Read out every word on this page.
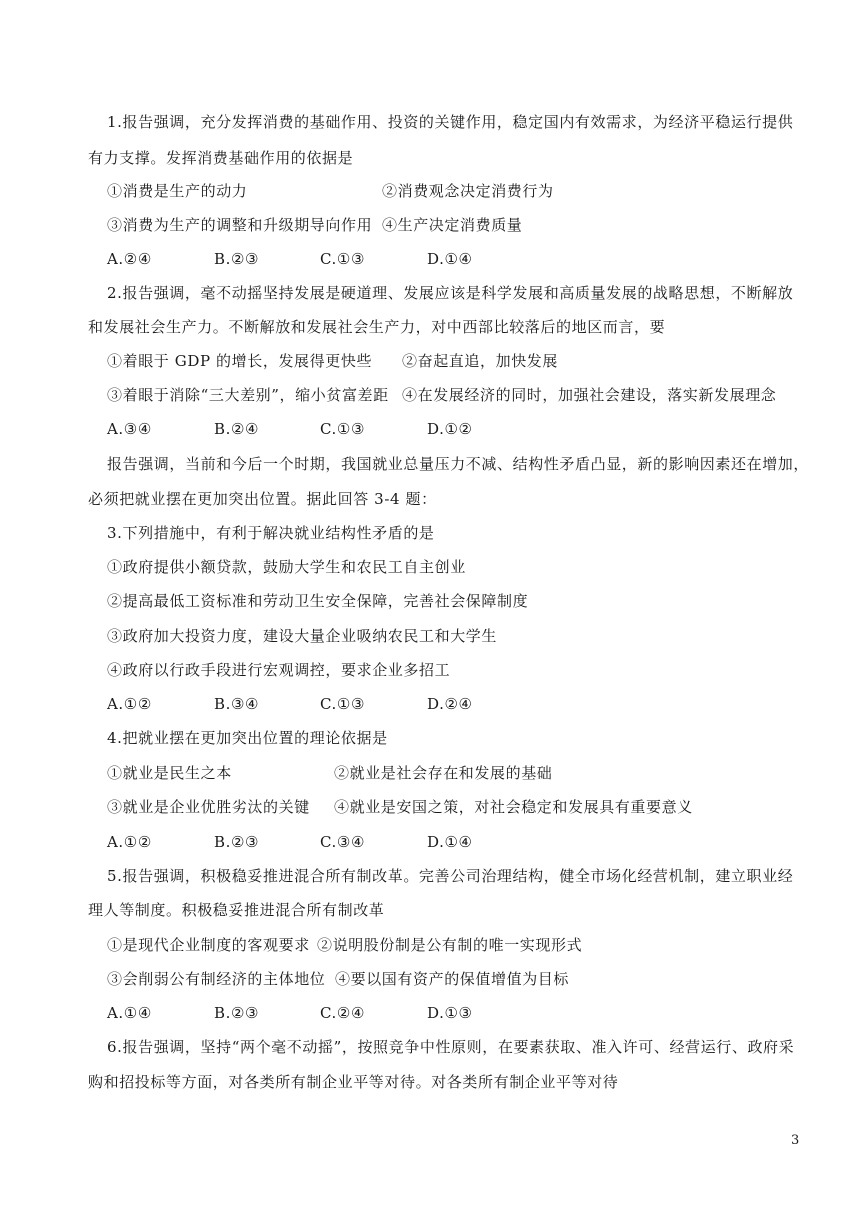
1.报告强调，充分发挥消费的基础作用、投资的关键作用，稳定国内有效需求，为经济平稳运行提供
有力支撑。发挥消费基础作用的依据是
①消费是生产的动力	②消费观念决定消费行为
③消费为生产的调整和升级期导向作用 ④生产决定消费质量
A.②④	B.②③	C.①③	D.①④
2.报告强调，毫不动摇坚持发展是硬道理、发展应该是科学发展和高质量发展的战略思想，不断解放
和发展社会生产力。不断解放和发展社会生产力，对中西部比较落后的地区而言，要
①着眼于 GDP 的增长，发展得更快些 ②奋起直追，加快发展
③着眼于消除“三大差别”，缩小贫富差距 ④在发展经济的同时，加强社会建设，落实新发展理念
A.③④	B.②④	C.①③	D.①②
报告强调，当前和今后一个时期，我国就业总量压力不减、结构性矛盾凸显，新的影响因素还在增加，
必须把就业摆在更加突出位置。据此回答 3-4 题：
3.下列措施中，有利于解决就业结构性矛盾的是
①政府提供小额贷款，鼓励大学生和农民工自主创业
②提高最低工资标准和劳动卫生安全保障，完善社会保障制度
③政府加大投资力度，建设大量企业吸纳农民工和大学生
④政府以行政手段进行宏观调控，要求企业多招工
A.①②	B.③④	C.①③	D.②④
4.把就业摆在更加突出位置的理论依据是
①就业是民生之本	②就业是社会存在和发展的基础
③就业是企业优胜劣汰的关键 ④就业是安国之策，对社会稳定和发展具有重要意义
A.①②	B.②③	C.③④	D.①④
5.报告强调，积极稳妥推进混合所有制改革。完善公司治理结构，健全市场化经营机制，建立职业经
理人等制度。积极稳妥推进混合所有制改革
①是现代企业制度的客观要求 ②说明股份制是公有制的唯一实现形式
③会削弱公有制经济的主体地位 ④要以国有资产的保值增值为目标
A.①④	B.②③	C.②④	D.①③
6.报告强调，坚持“两个毫不动摇”，按照竞争中性原则，在要素获取、准入许可、经营运行、政府采
购和招投标等方面，对各类所有制企业平等对待。对各类所有制企业平等对待
3
